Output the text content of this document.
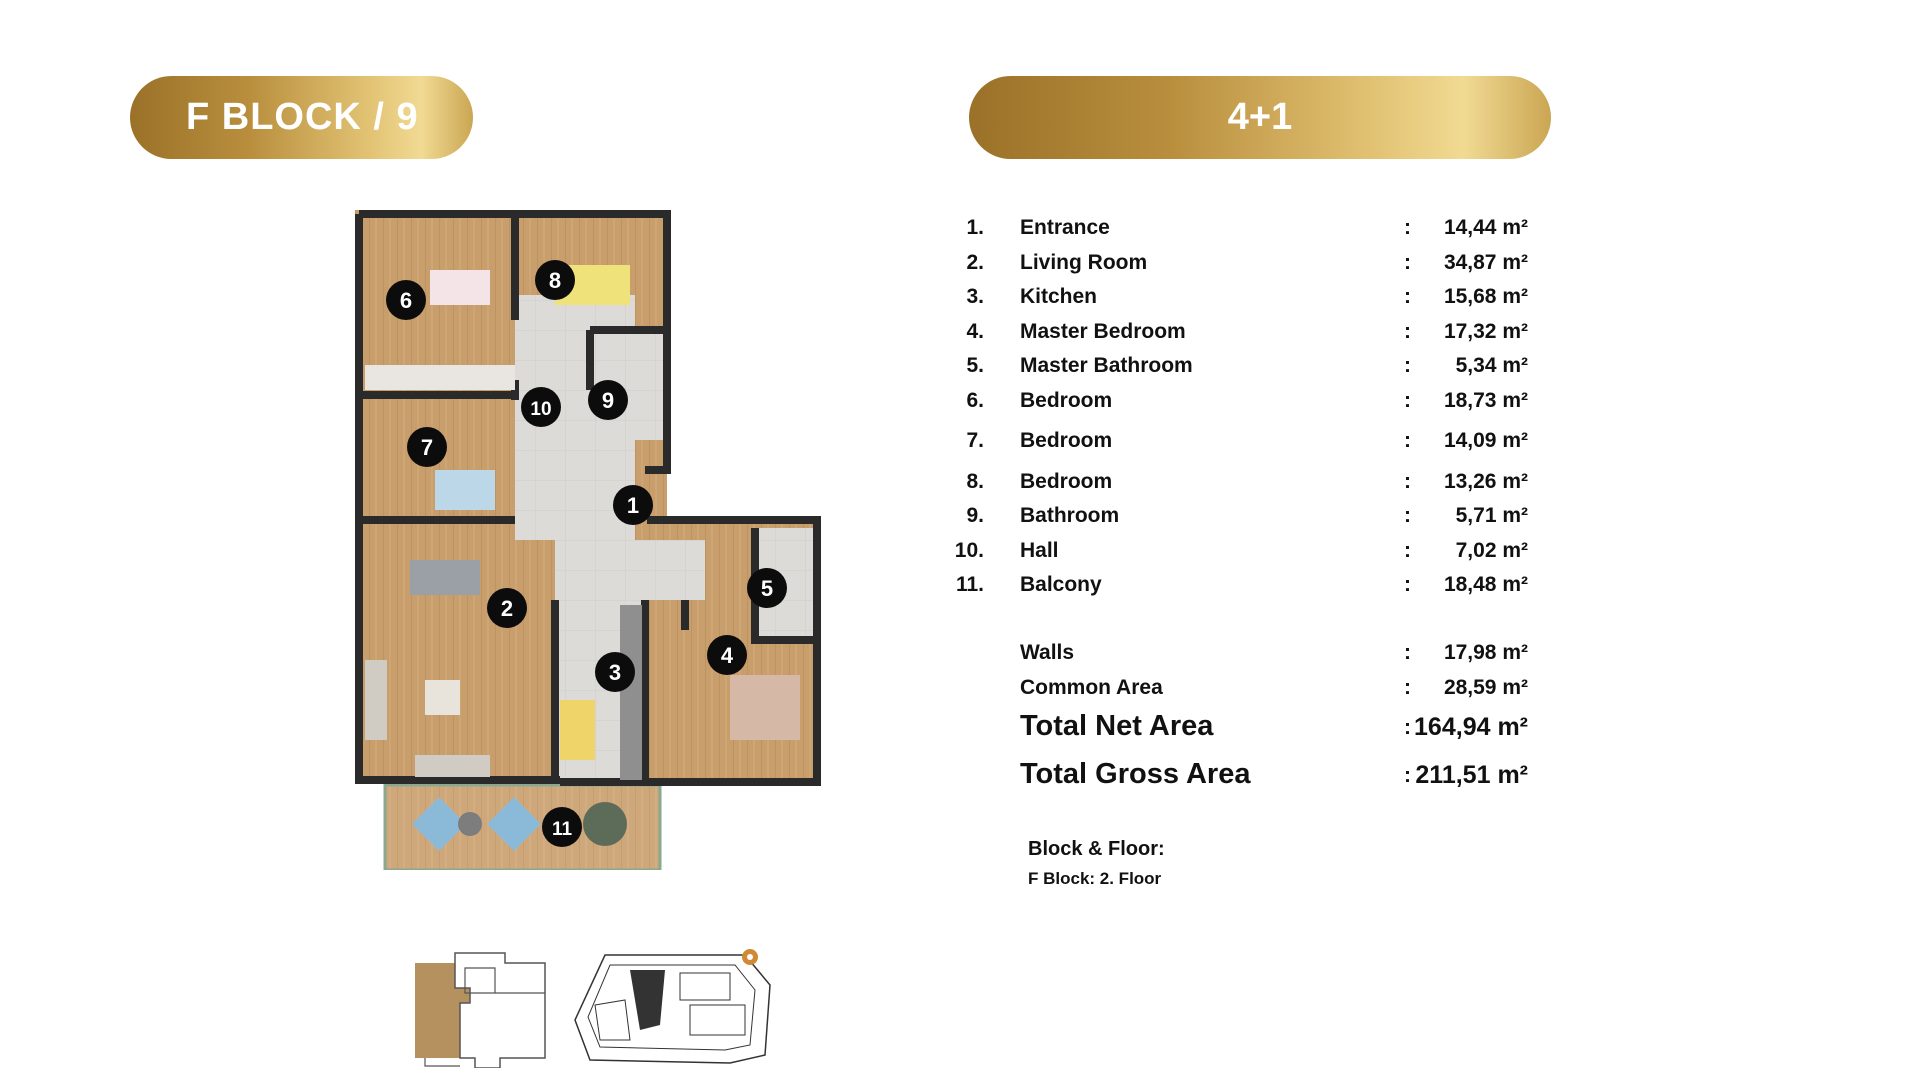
F BLOCK / 9	4+1
1
2
3
4
5
6
7
8
9
10
11
1. Entrance	: 14,44 m²
2. Living Room	: 34,87 m²
3. Kitchen	: 15,68 m²
4. Master Bedroom	: 17,32 m²
5. Master Bathroom	: 5,34 m²
6. Bedroom	: 18,73 m²
7. Bedroom	: 14,09 m²
8. Bedroom	: 13,26 m²
9. Bathroom	: 5,71 m²
10. Hall	: 7,02 m²
11. Balcony	: 18,48 m²
Walls	: 17,98 m²
Common Area	: 28,59 m²
Total Net Area	: 164,94 m²
Total Gross Area	: 211,51 m²
Block & Floor:
F Block: 2. Floor
